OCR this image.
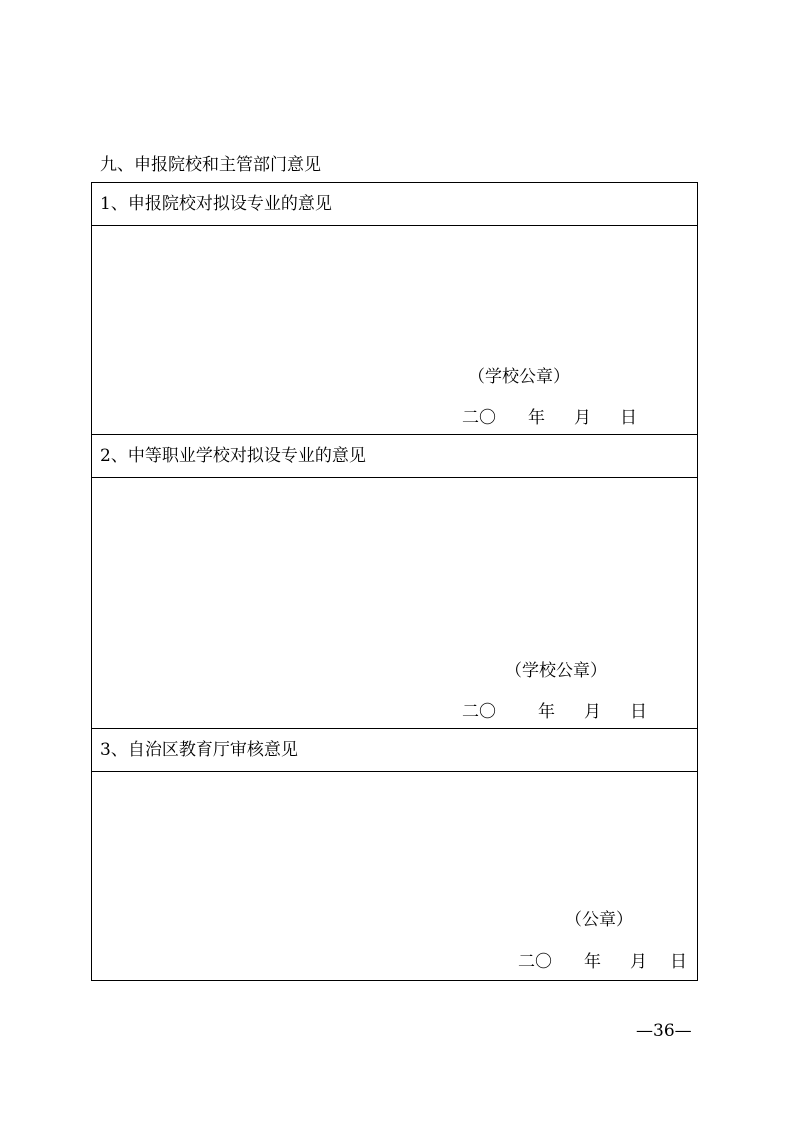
九、申报院校和主管部门意见
1、申报院校对拟设专业的意见
（学校公章）
二〇 年 月 日
2、中等职业学校对拟设专业的意见
（学校公章）
二〇 年 月 日
3、自治区教育厅审核意见
（公章）
二〇 年 月 日
—36—
